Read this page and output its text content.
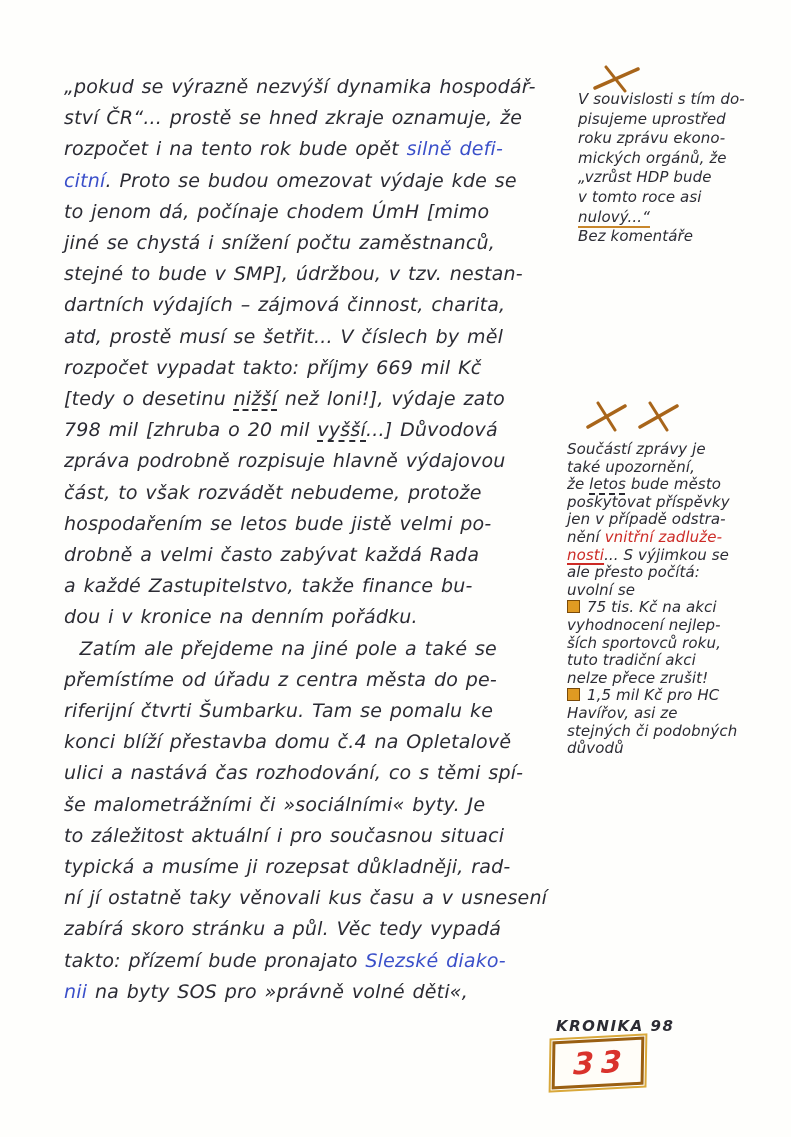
„pokud se výrazně nezvýší dynamika hospodář-
ství ČR“... prostě se hned zkraje oznamuje, že
rozpočet i na tento rok bude opět silně defi-
citní. Proto se budou omezovat výdaje kde se
to jenom dá, počínaje chodem ÚmH [mimo
jiné se chystá i snížení počtu zaměstnanců,
stejné to bude v SMP], údržbou, v tzv. nestan-
dartních výdajích – zájmová činnost, charita,
atd, prostě musí se šetřit... V číslech by měl
rozpočet vypadat takto: příjmy 669 mil Kč
[tedy o desetinu nižší než loni!], výdaje zato
798 mil [zhruba o 20 mil vyšší...] Důvodová
zpráva podrobně rozpisuje hlavně výdajovou
část, to však rozvádět nebudeme, protože
hospodařením se letos bude jistě velmi po-
drobně a velmi často zabývat každá Rada
a každé Zastupitelstvo, takže finance bu-
dou i v kronice na denním pořádku.
Zatím ale přejdeme na jiné pole a také se
přemístíme od úřadu z centra města do pe-
riferijní čtvrti Šumbarku. Tam se pomalu ke
konci blíží přestavba domu č.4 na Opletalově
ulici a nastává čas rozhodování, co s těmi spí-
še malometrážními či »sociálními« byty. Je
to záležitost aktuální i pro současnou situaci
typická a musíme ji rozepsat důkladněji, rad-
ní jí ostatně taky věnovali kus času a v usnesení
zabírá skoro stránku a půl. Věc tedy vypadá
takto: přízemí bude pronajato Slezské diako-
nii na byty SOS pro »právně volné děti«,
V souvislosti s tím do-
pisujeme uprostřed
roku zprávu ekono-
mických orgánů, že
„vzrůst HDP bude
v tomto roce asi
nulový...“
Bez komentáře
Součástí zprávy je
také upozornění,
že letos bude město
poskytovat příspěvky
jen v případě odstra-
nění vnitřní zadluže-
nosti... S výjimkou se
ale přesto počítá:
uvolní se
75 tis. Kč na akci
vyhodnocení nejlep-
ších sportovců roku,
tuto tradiční akci
nelze přece zrušit!
1,5 mil Kč pro HC
Havířov, asi ze
stejných či podobných
důvodů
KRONIKA 98
33
